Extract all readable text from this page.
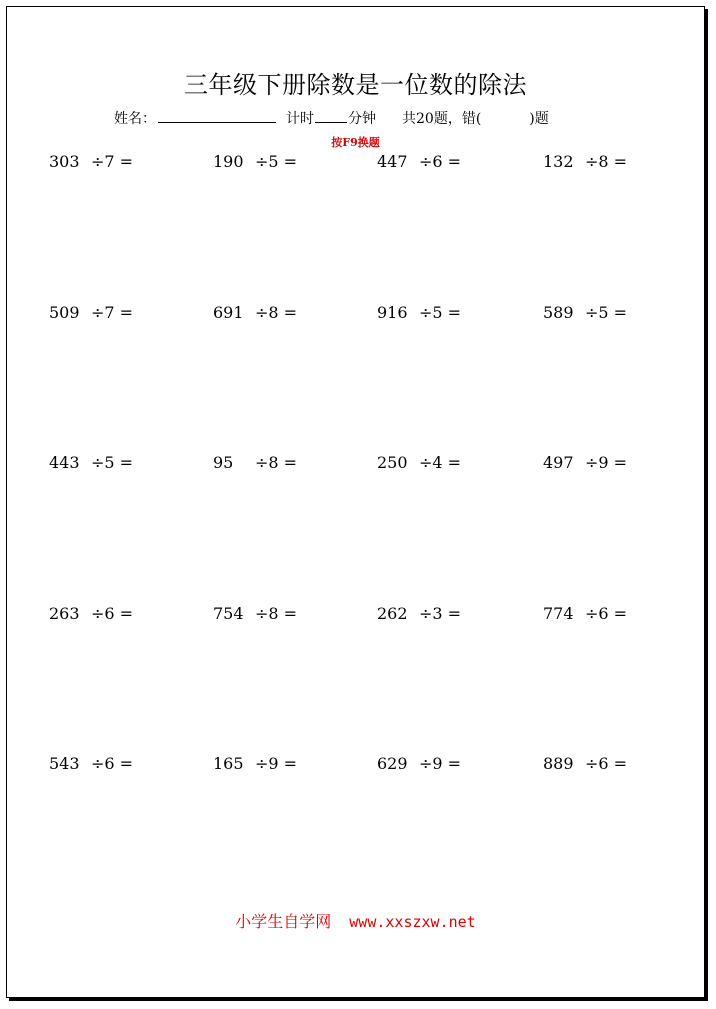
三年级下册除数是一位数的除法
姓名：	计时 分钟 共20题，错(	)题
按F9换题
303 ÷7 =	190 ÷5 =	447 ÷6 =	132 ÷8 =
509 ÷7 =	691 ÷8 =	916 ÷5 =	589 ÷5 =
443 ÷5 =	95 ÷8 =	250 ÷4 =	497 ÷9 =
263 ÷6 =	754 ÷8 =	262 ÷3 =	774 ÷6 =
543 ÷6 =	165 ÷9 =	629 ÷9 =	889 ÷6 =
小学生自学网 www.xxszxw.net
